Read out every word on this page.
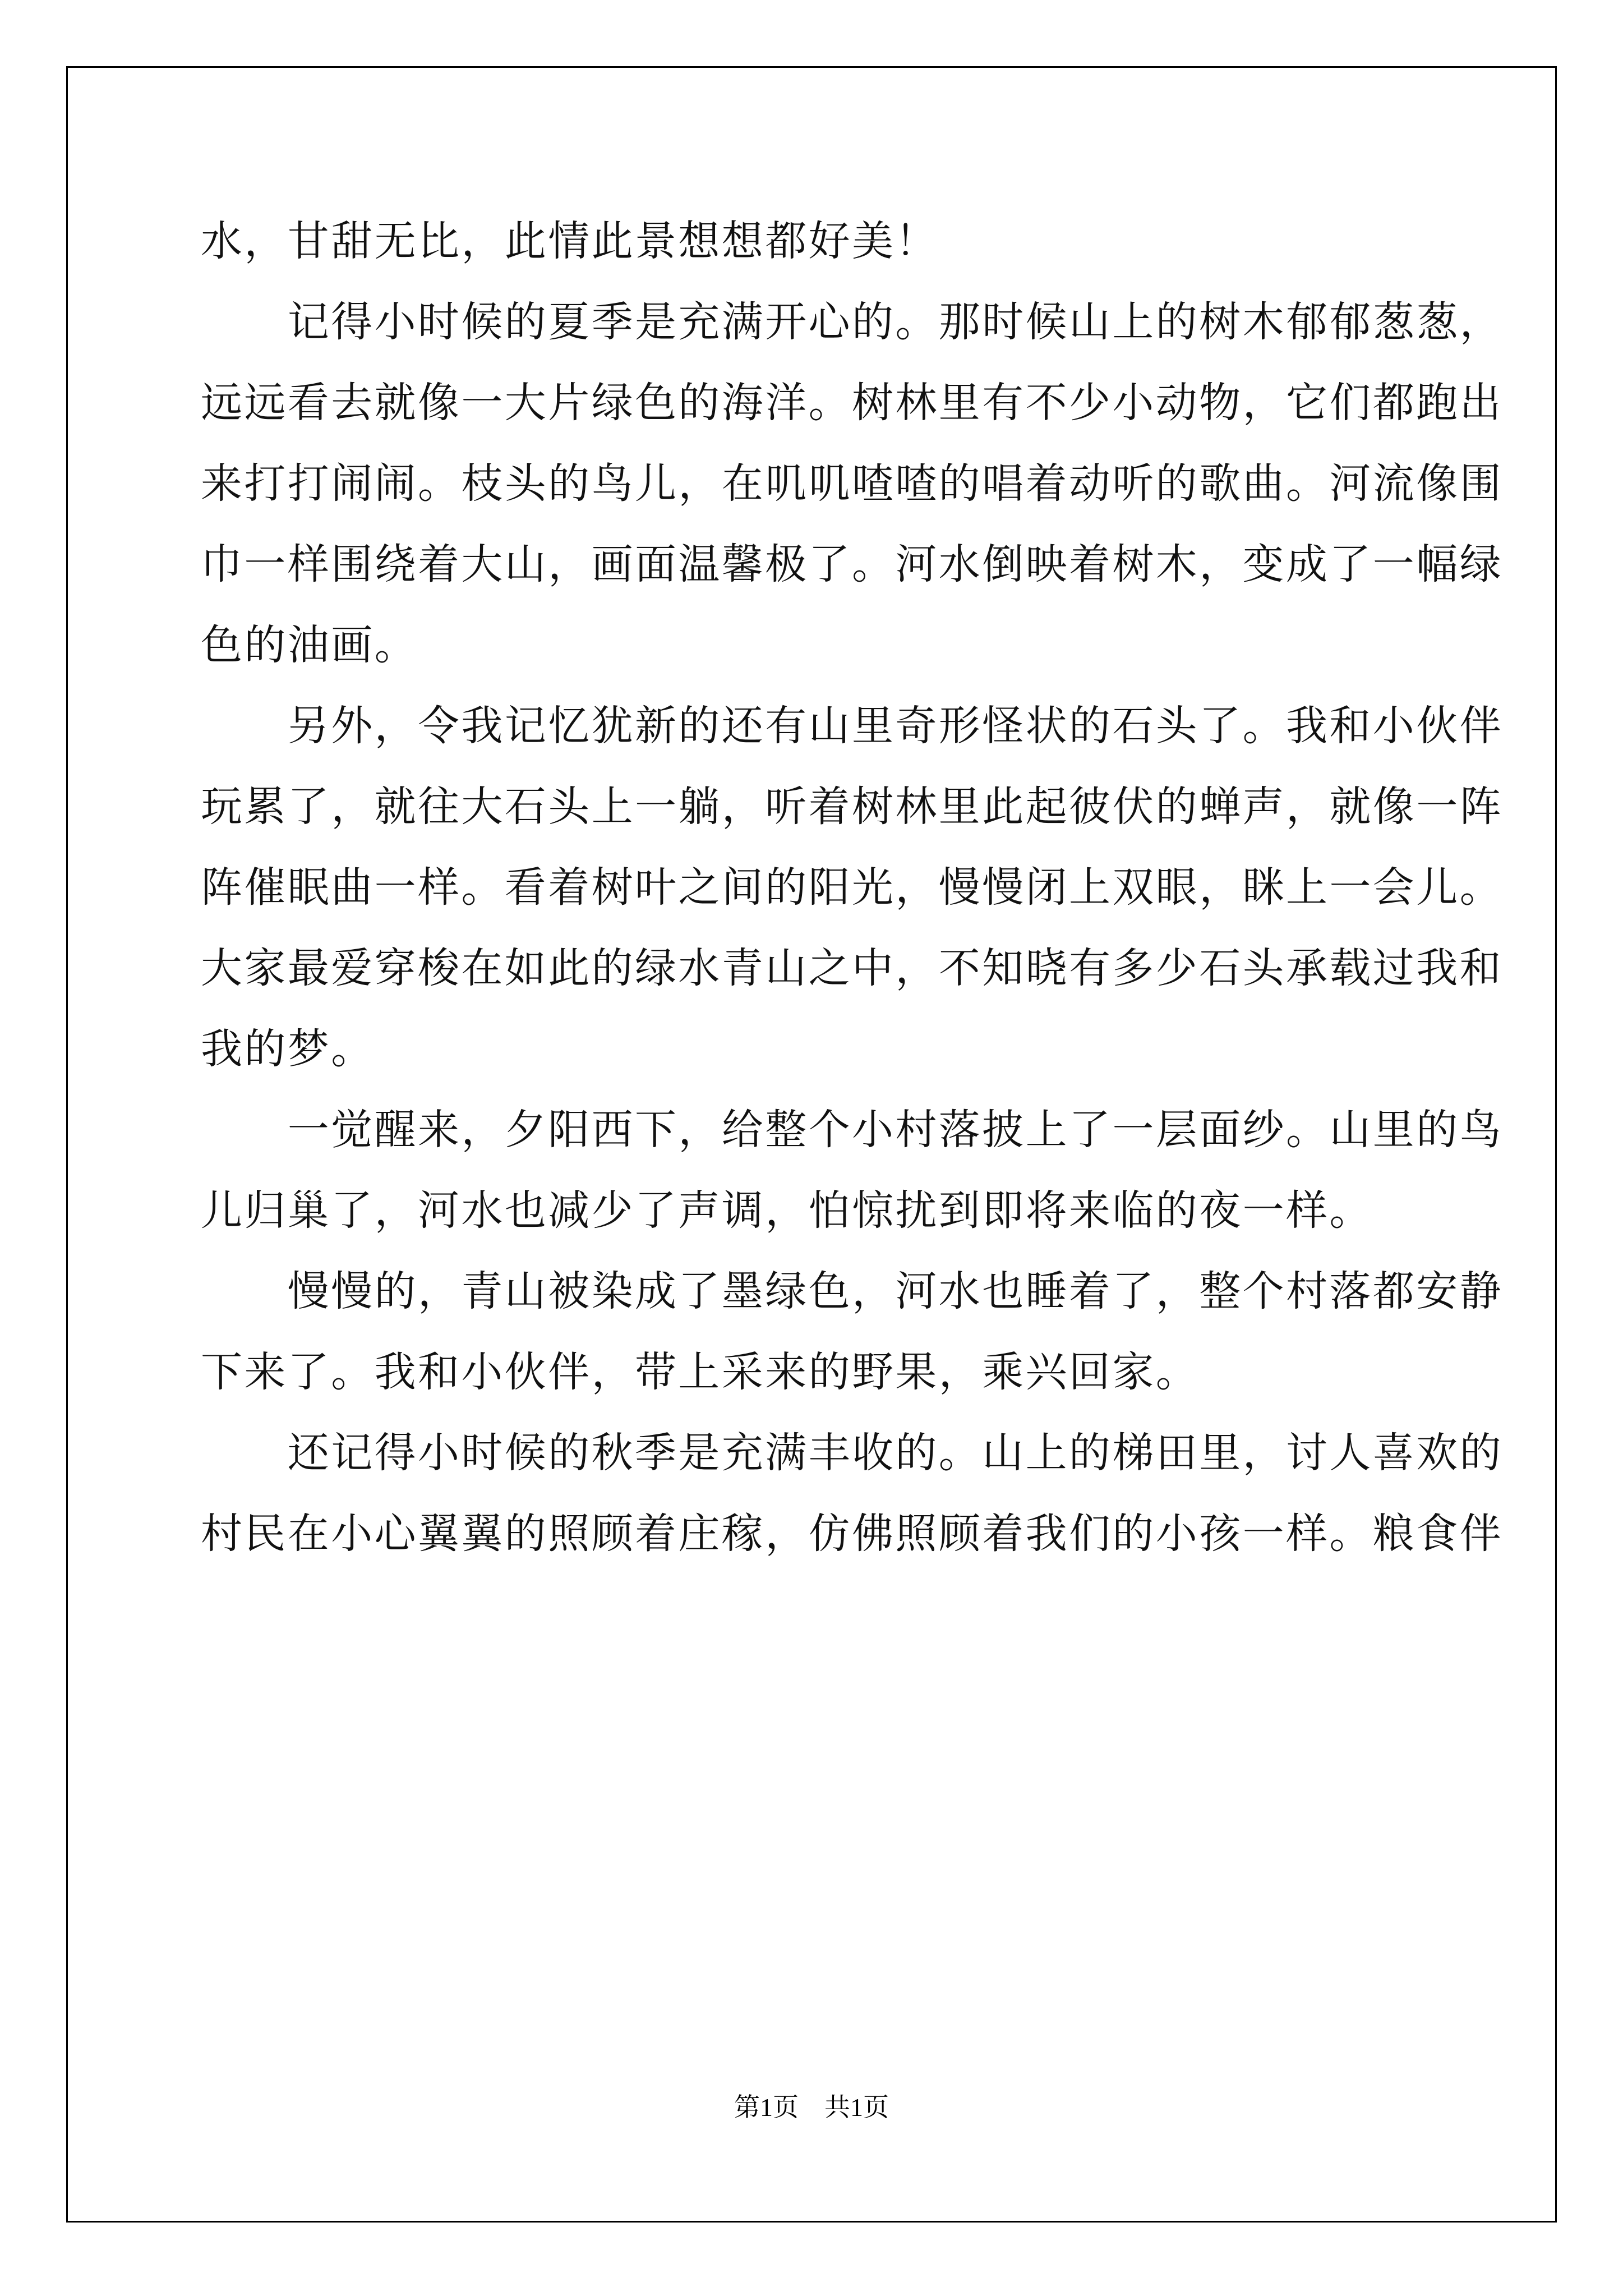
水，甘甜无比，此情此景想想都好美！
　　记得小时候的夏季是充满开心的。那时候山上的树木郁郁葱葱，
远远看去就像一大片绿色的海洋。树林里有不少小动物，它们都跑出
来打打闹闹。枝头的鸟儿，在叽叽喳喳的唱着动听的歌曲。河流像围
巾一样围绕着大山，画面温馨极了。河水倒映着树木，变成了一幅绿
色的油画。
　　另外，令我记忆犹新的还有山里奇形怪状的石头了。我和小伙伴
玩累了，就往大石头上一躺，听着树林里此起彼伏的蝉声，就像一阵
阵催眠曲一样。看着树叶之间的阳光，慢慢闭上双眼，眯上一会儿。
大家最爱穿梭在如此的绿水青山之中，不知晓有多少石头承载过我和
我的梦。
　　一觉醒来，夕阳西下，给整个小村落披上了一层面纱。山里的鸟
儿归巢了，河水也减少了声调，怕惊扰到即将来临的夜一样。
　　慢慢的，青山被染成了墨绿色，河水也睡着了，整个村落都安静
下来了。我和小伙伴，带上采来的野果，乘兴回家。
　　还记得小时候的秋季是充满丰收的。山上的梯田里，讨人喜欢的
村民在小心翼翼的照顾着庄稼，仿佛照顾着我们的小孩一样。粮食伴
第1页　共1页
